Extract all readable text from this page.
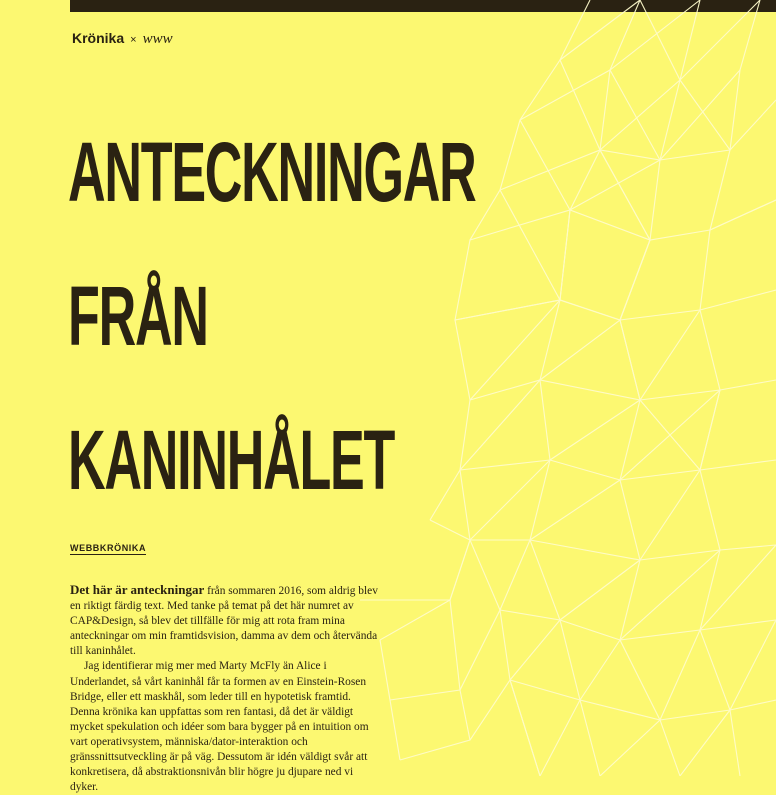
Krönika × www
ANTECKNINGAR
FRÅN
KANINHÅLET
WEBBKRÖNIKA

Det här är anteckningar från sommaren 2016, som aldrig blev en riktigt färdig text. Med tanke på temat på det här numret av CAP&Design, så blev det tillfälle för mig att rota fram mina anteckningar om min framtidsvision, damma av dem och återvända till kaninhålet.

Jag identifierar mig mer med Marty McFly än Alice i Underlandet, så vårt kaninhål får ta formen av en Einstein-Rosen Bridge, eller ett maskhål, som leder till en hypotetisk framtid. Denna krönika kan uppfattas som ren fantasi, då det är väldigt mycket spekulation och idéer som bara bygger på en intuition om vart operativsystem, människa/dator-interaktion och gränssnittsutveckling är på väg. Dessutom är idén väldigt svår att konkretisera, då abstraktionsnivån blir högre ju djupare ned vi dyker.
